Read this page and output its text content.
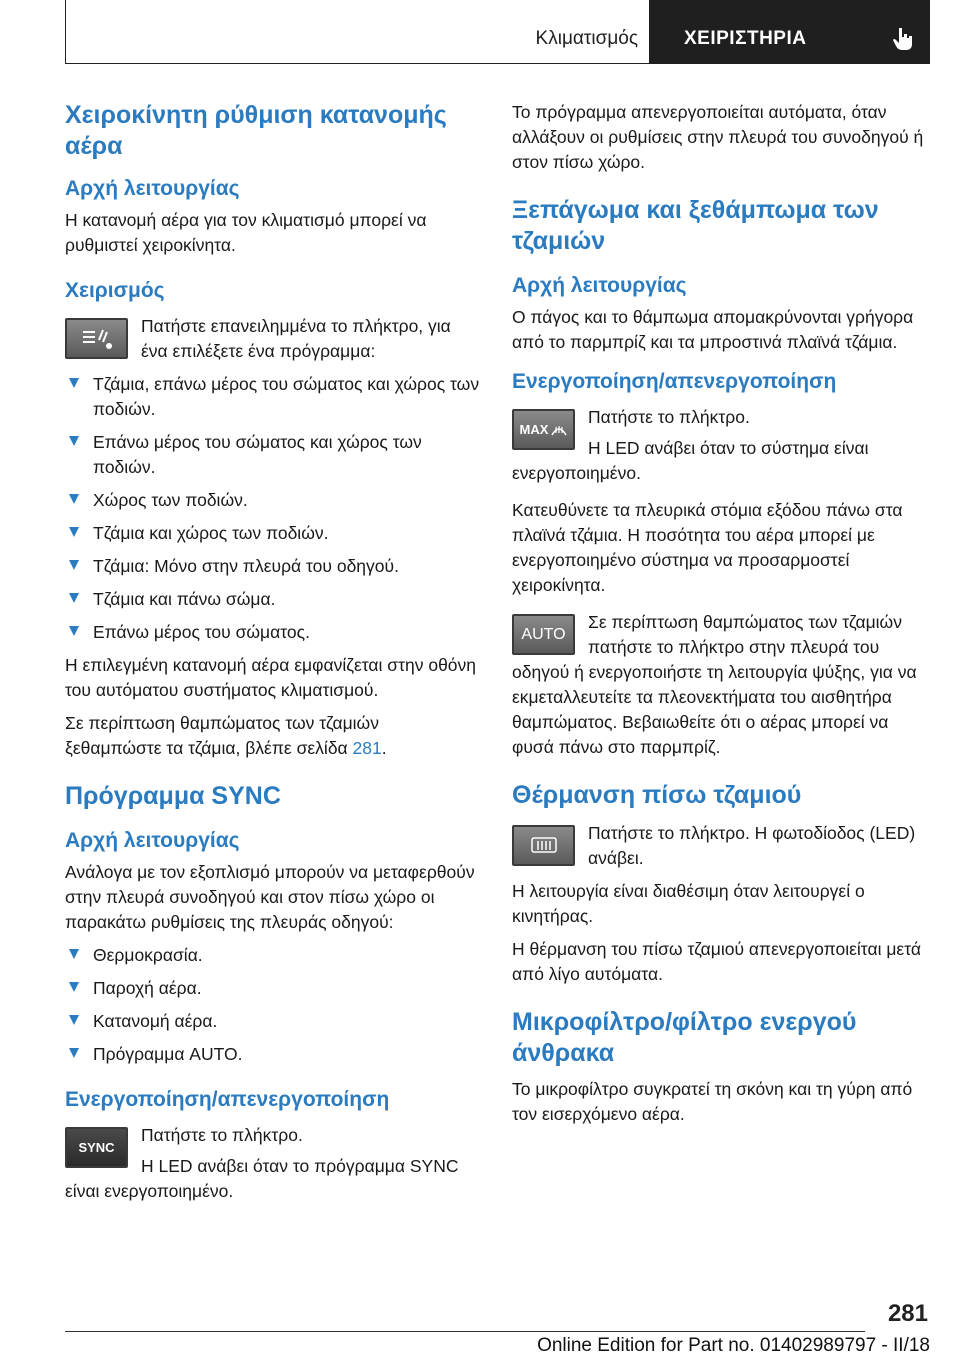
Κλιματισμός ΧΕΙΡΙΣΤΗΡΙΑ
Χειροκίνητη ρύθμιση κατανομής αέρα
Αρχή λειτουργίας

Η κατανομή αέρα για τον κλιματισμό μπορεί να ρυθμιστεί χειροκίνητα.

Χειρισμός

Πατήστε επανειλημμένα το πλήκτρο, για ένα επιλέξετε ένα πρόγραμμα:

Τζάμια, επάνω μέρος του σώματος και χώρος των ποδιών.
Επάνω μέρος του σώματος και χώρος των ποδιών.
Χώρος των ποδιών.
Τζάμια και χώρος των ποδιών.
Τζάμια: Μόνο στην πλευρά του οδηγού.
Τζάμια και πάνω σώμα.
Επάνω μέρος του σώματος.

Η επιλεγμένη κατανομή αέρα εμφανίζεται στην οθόνη του αυτόματου συστήματος κλιματισμού.

Σε περίπτωση θαμπώματος των τζαμιών ξεθαμπώστε τα τζάμια, βλέπε σελίδα 281.

Πρόγραμμα SYNC
Αρχή λειτουργίας

Ανάλογα με τον εξοπλισμό μπορούν να μεταφερθούν στην πλευρά συνοδηγού και στον πίσω χώρο οι παρακάτω ρυθμίσεις της πλευράς οδηγού:

Θερμοκρασία.
Παροχή αέρα.
Κατανομή αέρα.
Πρόγραμμα AUTO.
Ενεργοποίηση/απενεργοποίηση
SYNC

Πατήστε το πλήκτρο.

Η LED ανάβει όταν το πρόγραμμα SYNC είναι ενεργοποιημένο.

Το πρόγραμμα απενεργοποιείται αυτόματα, όταν αλλάξουν οι ρυθμίσεις στην πλευρά του συνοδηγού ή στον πίσω χώρο.

Ξεπάγωμα και ξεθάμπωμα των τζαμιών
Αρχή λειτουργίας

Ο πάγος και το θάμπωμα απομακρύνονται γρήγορα από το παρμπρίζ και τα μπροστινά πλαϊνά τζάμια.

Ενεργοποίηση/απενεργοποίηση
MAX

Πατήστε το πλήκτρο.

Η LED ανάβει όταν το σύστημα είναι ενεργοποιημένο.

Κατευθύνετε τα πλευρικά στόμια εξόδου πάνω στα πλαϊνά τζάμια. Η ποσότητα του αέρα μπορεί με ενεργοποιημένο σύστημα να προσαρμοστεί χειροκίνητα.

AUTO

Σε περίπτωση θαμπώματος των τζαμιών πατήστε το πλήκτρο στην πλευρά του οδηγού ή ενεργοποιήστε τη λειτουργία ψύξης, για να εκμεταλλευτείτε τα πλεονεκτήματα του αισθητήρα θαμπώματος. Βεβαιωθείτε ότι ο αέρας μπορεί να φυσά πάνω στο παρμπρίζ.

Θέρμανση πίσω τζαμιού

Πατήστε το πλήκτρο. Η φωτοδίοδος (LED) ανάβει.

Η λειτουργία είναι διαθέσιμη όταν λειτουργεί ο κινητήρας.

Η θέρμανση του πίσω τζαμιού απενεργοποιείται μετά από λίγο αυτόματα.

Μικροφίλτρο/φίλτρο ενεργού άνθρακα

Το μικροφίλτρο συγκρατεί τη σκόνη και τη γύρη από τον εισερχόμενο αέρα.

281
Online Edition for Part no. 01402989797 - II/18
